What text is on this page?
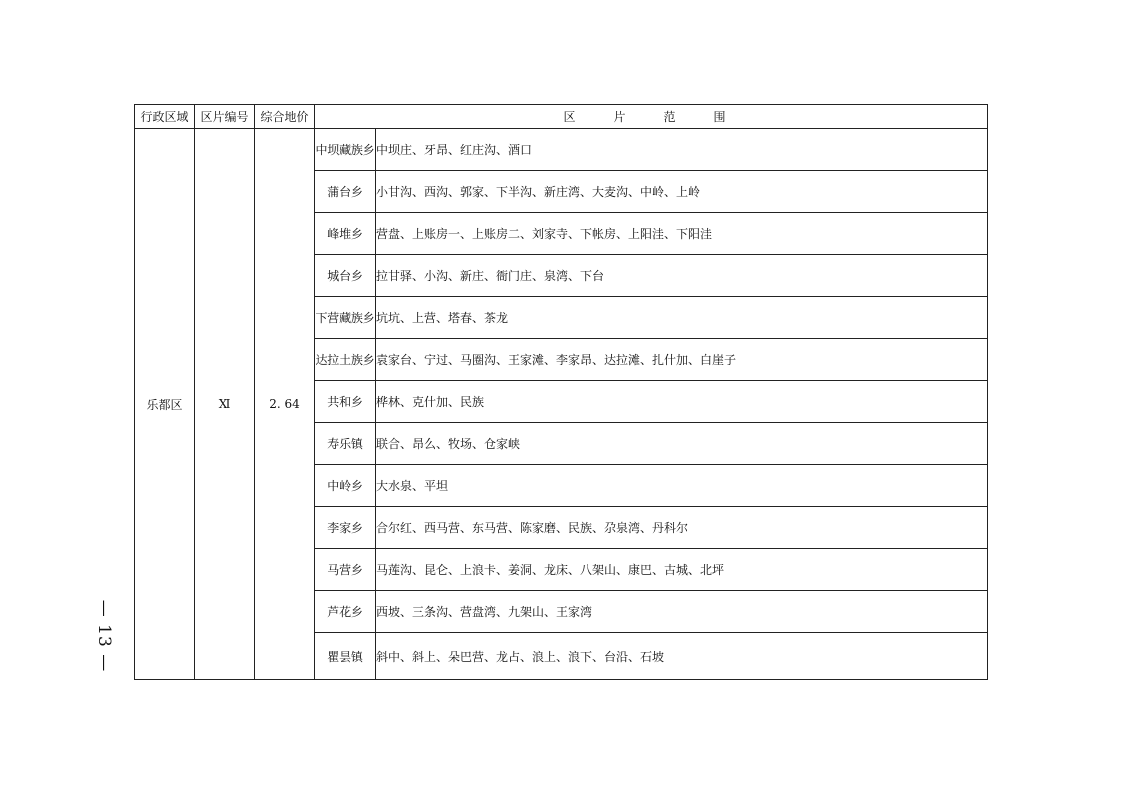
— 13 —
行政区域	区片编号	综合地价	区　片　范　围	
乐都区	Ⅺ	2. 64	中坝藏族乡	中坝庄、牙昂、红庄沟、酒口
			蒲台乡	小甘沟、西沟、郭家、下半沟、新庄湾、大麦沟、中岭、上岭
			峰堆乡	营盘、上账房一、上账房二、刘家寺、下帐房、上阳洼、下阳洼
			城台乡	拉甘驿、小沟、新庄、衙门庄、泉湾、下台
			下营藏族乡	坑坑、上营、塔春、茶龙
			达拉土族乡	袁家台、宁过、马圈沟、王家滩、李家昂、达拉滩、扎什加、白崖子
			共和乡	桦林、克什加、民族
			寿乐镇	联合、昂么、牧场、仓家峡
			中岭乡	大水泉、平坦
			李家乡	合尔红、西马营、东马营、陈家磨、民族、尕泉湾、丹科尔
			马营乡	马莲沟、昆仑、上浪卡、姜洞、龙床、八架山、康巴、古城、北坪
			芦花乡	西坡、三条沟、营盘湾、九架山、王家湾
			瞿昙镇	斜中、斜上、朵巴营、龙占、浪上、浪下、台沿、石坡
